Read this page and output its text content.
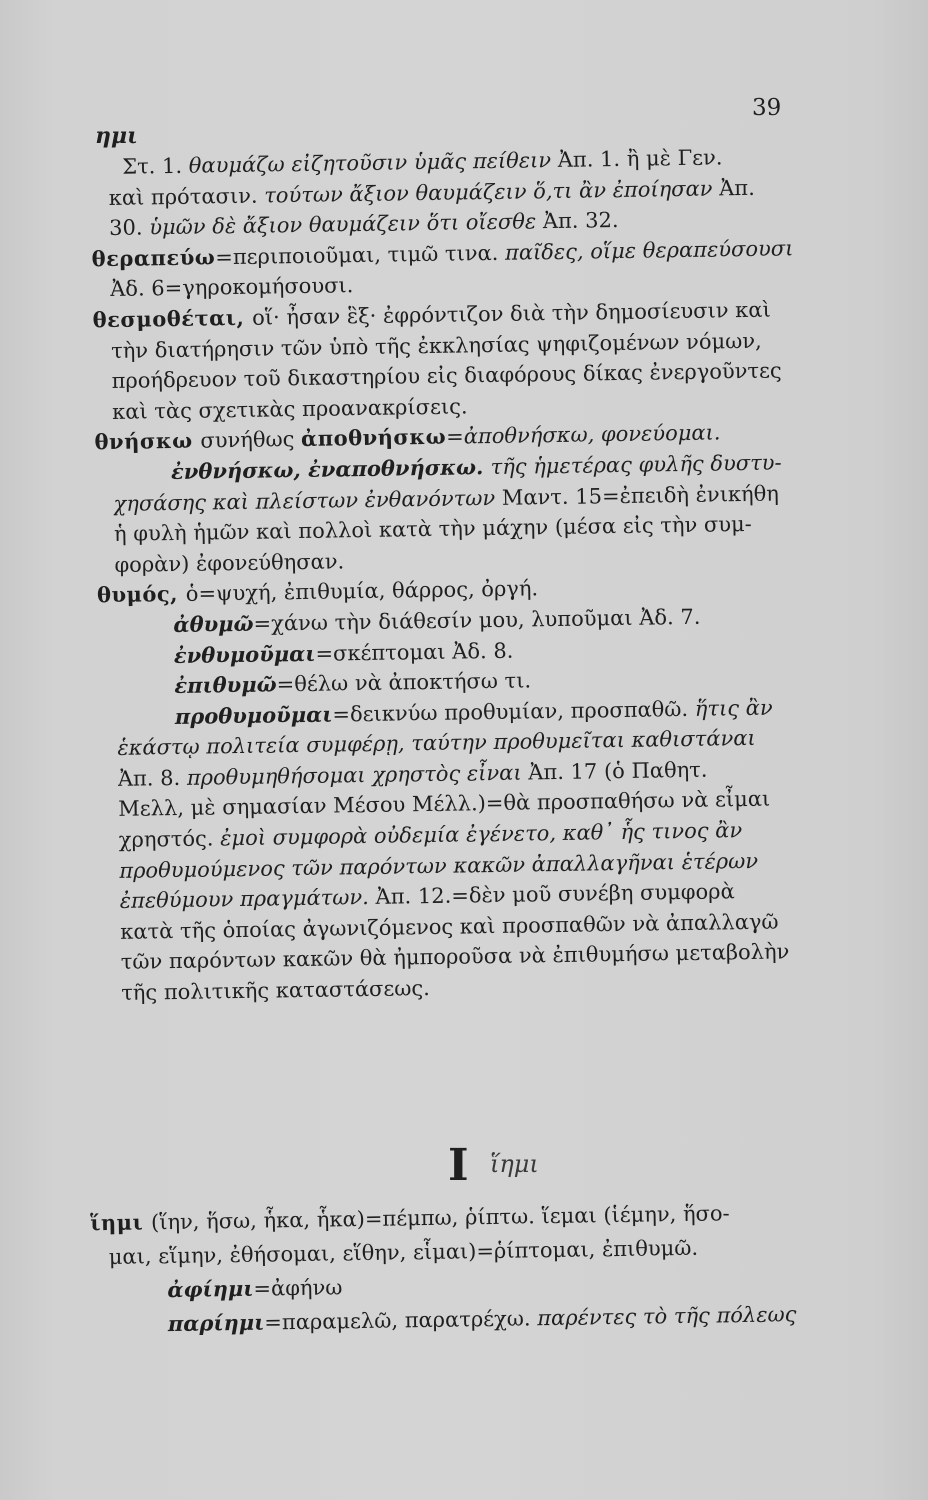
ημι
39
Στ. 1. θαυμάζω εἰζητοῦσιν ὑμᾶς πείθειν Ἀπ. 1. ἢ μὲ Γεν.
καὶ πρότασιν. τούτων ἄξιον θαυμάζειν ὅ,τι ἂν ἐποίησαν Ἀπ.
30. ὑμῶν δὲ ἄξιον θαυμάζειν ὅτι οἴεσθε Ἀπ. 32.
θεραπεύω=περιποιοῦμαι, τιμῶ τινα. παῖδες, οἵμε θεραπεύσουσι
Ἀδ. 6=γηροκομήσουσι.
θεσμοθέται, οἵ· ἦσαν ἓξ· ἐφρόντιζον διὰ τὴν δημοσίευσιν καὶ
τὴν διατήρησιν τῶν ὑπὸ τῆς ἐκκλησίας ψηφιζομένων νόμων,
προήδρευον τοῦ δικαστηρίου εἰς διαφόρους δίκας ἐνεργοῦντες
καὶ τὰς σχετικὰς προανακρίσεις.
θνήσκω συνήθως ἀποθνήσκω=ἀποθνήσκω, φονεύομαι.
ἐνθνήσκω, ἐναποθνήσκω. τῆς ἡμετέρας φυλῆς δυστυ-
χησάσης καὶ πλείστων ἐνθανόντων Μαντ. 15=ἐπειδὴ ἐνικήθη
ἡ φυλὴ ἡμῶν καὶ πολλοὶ κατὰ τὴν μάχην (μέσα εἰς τὴν συμ-
φορὰν) ἐφονεύθησαν.
θυμός, ὁ=ψυχή, ἐπιθυμία, θάρρος, ὀργή.
ἀθυμῶ=χάνω τὴν διάθεσίν μου, λυποῦμαι Ἀδ. 7.
ἐνθυμοῦμαι=σκέπτομαι Ἀδ. 8.
ἐπιθυμῶ=θέλω νὰ ἀποκτήσω τι.
προθυμοῦμαι=δεικνύω προθυμίαν, προσπαθῶ. ἥτις ἂν
ἑκάστῳ πολιτεία συμφέρῃ, ταύτην προθυμεῖται καθιστάναι
Ἀπ. 8. προθυμηθήσομαι χρηστὸς εἶναι Ἀπ. 17 (ὁ Παθητ.
Μελλ, μὲ σημασίαν Μέσου Μέλλ.)=θὰ προσπαθήσω νὰ εἶμαι
χρηστός. ἐμοὶ συμφορὰ οὐδεμία ἐγένετο, καθ᾽ ἧς τινος ἂν
προθυμούμενος τῶν παρόντων κακῶν ἀπαλλαγῆναι ἑτέρων
ἐπεθύμουν πραγμάτων. Ἀπ. 12.=δὲν μοῦ συνέβη συμφορὰ
κατὰ τῆς ὁποίας ἀγωνιζόμενος καὶ προσπαθῶν νὰ ἀπαλλαγῶ
τῶν παρόντων κακῶν θὰ ἠμποροῦσα νὰ ἐπιθυμήσω μεταβολὴν
τῆς πολιτικῆς καταστάσεως.
I ἵημι
ἵημι (ἵην, ἥσω, ἧκα, ἧκα)=πέμπω, ῥίπτω. ἵεμαι (ἱέμην, ἥσο-
μαι, εἵμην, ἐθήσομαι, εἵθην, εἷμαι)=ῥίπτομαι, ἐπιθυμῶ.
ἀφίημι=ἀφήνω
παρίημι=παραμελῶ, παρατρέχω. παρέντες τὸ τῆς πόλεως
